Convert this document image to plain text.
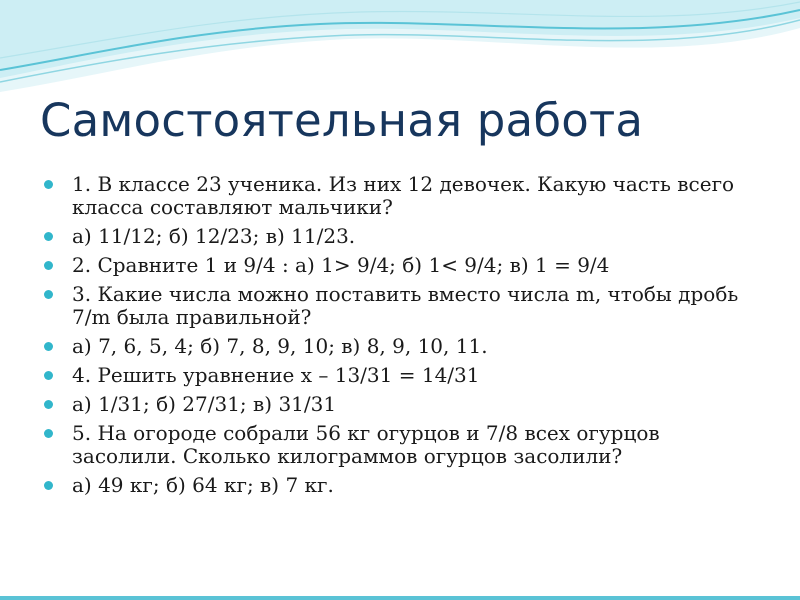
Самостоятельная работа
1. В классе 23 ученика. Из них 12 девочек. Какую часть всего класса составляют мальчики?
а) 11/12; б) 12/23; в) 11/23.
2. Сравните 1 и 9/4 : а) 1> 9/4; б) 1< 9/4; в) 1 = 9/4
3. Какие числа можно поставить вместо числа m, чтобы дробь 7/m была правильной?
а) 7, 6, 5, 4; б) 7, 8, 9, 10; в) 8, 9, 10, 11.
4. Решить уравнение х – 13/31 = 14/31
а) 1/31; б) 27/31; в) 31/31
5. На огороде собрали 56 кг огурцов и 7/8 всех огурцов засолили. Сколько килограммов огурцов засолили?
а) 49 кг; б) 64 кг; в) 7 кг.
